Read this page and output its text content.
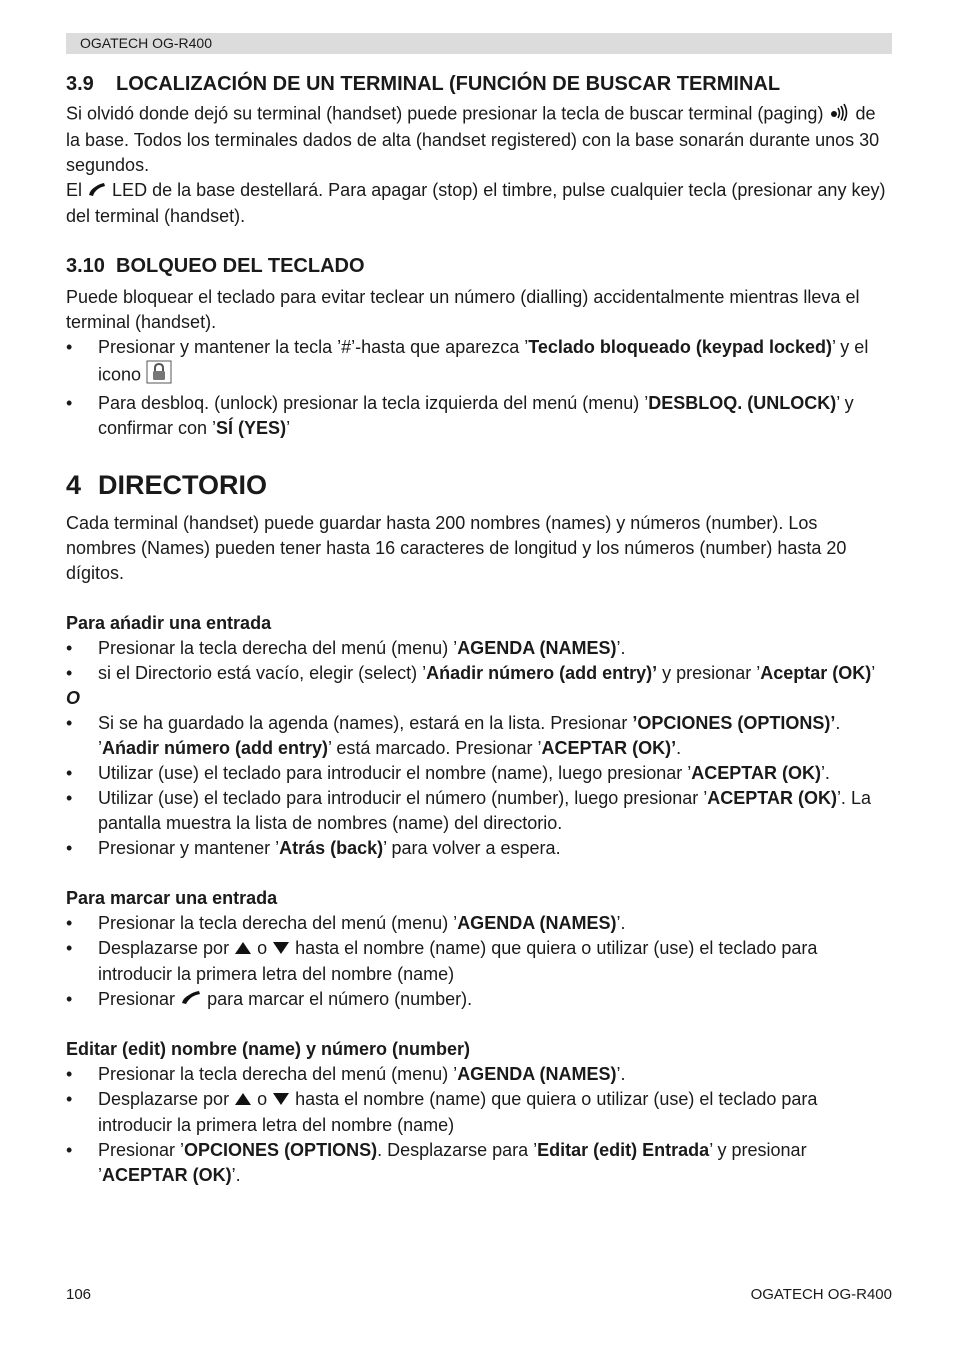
OGATECH OG-R400
3.9 LOCALIZACIÓN DE UN TERMINAL (FUNCIÓN DE BUSCAR TERMINAL

Si olvidó donde dejó su terminal (handset) puede presionar la tecla de buscar terminal (paging) de la base. Todos los terminales dados de alta (handset registered) con la base sonarán durante unos 30 segundos.

El LED de la base destellará. Para apagar (stop) el timbre, pulse cualquier tecla (presionar any key) del terminal (handset).

3.10 BOLQUEO DEL TECLADO

Puede bloquear el teclado para evitar teclear un número (dialling) accidentalmente mientras lleva el terminal (handset).

• Presionar y mantener la tecla ’#’-hasta que aparezca ’Teclado bloqueado (keypad locked)’ y el icono
• Para desbloq. (unlock) presionar la tecla izquierda del menú (menu) ’DESBLOQ. (UNLOCK)’ y confirmar con ’SÍ (YES)’
4 DIRECTORIO

Cada terminal (handset) puede guardar hasta 200 nombres (names) y números (number). Los nombres (Names) pueden tener hasta 16 caracteres de longitud y los números (number) hasta 20 dígitos.

Para ańadir una entrada
• Presionar la tecla derecha del menú (menu) ’AGENDA (NAMES)’.
• si el Directorio está vacío, elegir (select) ’Ańadir número (add entry)’ y presionar ’Aceptar (OK)’
O
• Si se ha guardado la agenda (names), estará en la lista. Presionar ’OPCIONES (OPTIONS)’. ’Ańadir número (add entry)’ está marcado. Presionar ’ACEPTAR (OK)’.
• Utilizar (use) el teclado para introducir el nombre (name), luego presionar ’ACEPTAR (OK)’.
• Utilizar (use) el teclado para introducir el número (number), luego presionar ’ACEPTAR (OK)’. La pantalla muestra la lista de nombres (name) del directorio.
• Presionar y mantener ’Atrás (back)’ para volver a espera.
Para marcar una entrada
• Presionar la tecla derecha del menú (menu) ’AGENDA (NAMES)’.
• Desplazarse por o hasta el nombre (name) que quiera o utilizar (use) el teclado para introducir la primera letra del nombre (name)
• Presionar para marcar el número (number).
Editar (edit) nombre (name) y número (number)
• Presionar la tecla derecha del menú (menu) ’AGENDA (NAMES)’.
• Desplazarse por o hasta el nombre (name) que quiera o utilizar (use) el teclado para introducir la primera letra del nombre (name)
• Presionar ’OPCIONES (OPTIONS). Desplazarse para ’Editar (edit) Entrada’ y presionar ’ACEPTAR (OK)’.
106	OGATECH OG-R400
